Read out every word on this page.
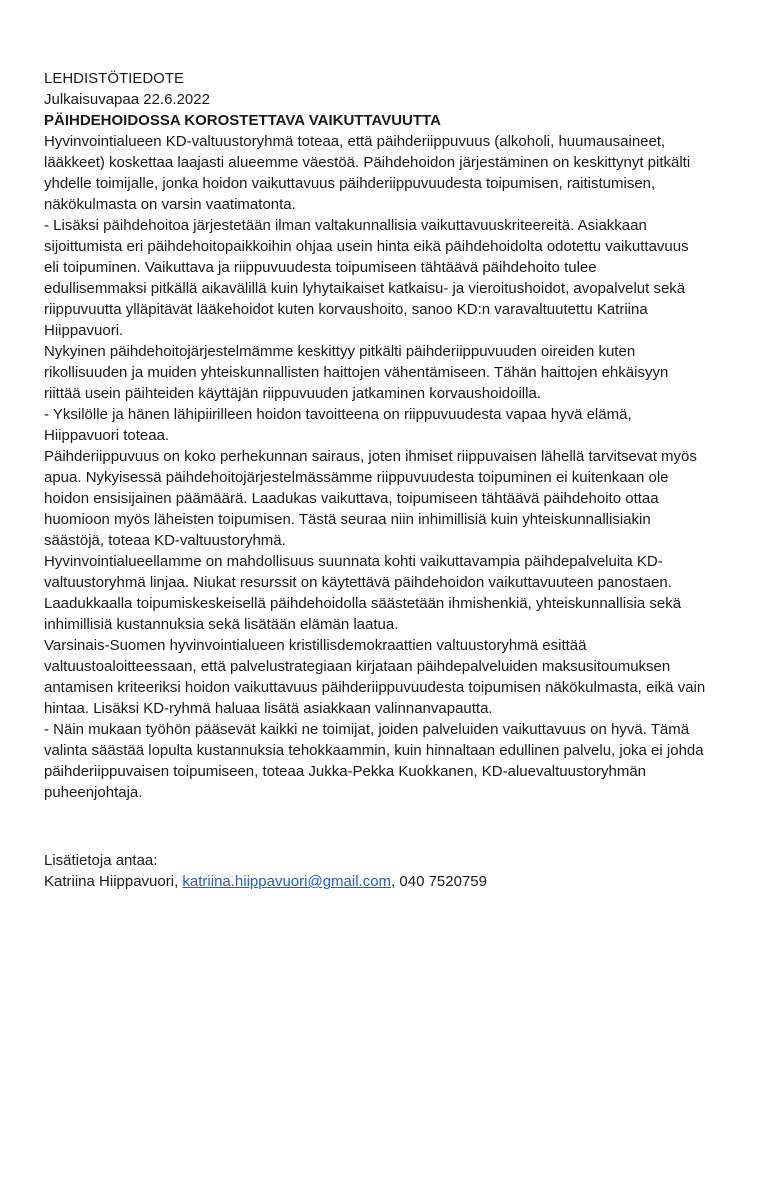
LEHDISTÖTIEDOTE

Julkaisuvapaa 22.6.2022

PÄIHDEHOIDOSSA KOROSTETTAVA VAIKUTTAVUUTTA

Hyvinvointialueen KD-valtuustoryhmä toteaa, että päihderiippuvuus (alkoholi, huumausaineet,
lääkkeet) koskettaa laajasti alueemme väestöä. Päihdehoidon järjestäminen on keskittynyt pitkälti
yhdelle toimijalle, jonka hoidon vaikuttavuus päihderiippuvuudesta toipumisen, raitistumisen,
näkökulmasta on varsin vaatimatonta.

- Lisäksi päihdehoitoa järjestetään ilman valtakunnallisia vaikuttavuuskriteereitä. Asiakkaan
sijoittumista eri päihdehoitopaikkoihin ohjaa usein hinta eikä päihdehoidolta odotettu vaikuttavuus
eli toipuminen. Vaikuttava ja riippuvuudesta toipumiseen tähtäävä päihdehoito tulee
edullisemmaksi pitkällä aikavälillä kuin lyhytaikaiset katkaisu- ja vieroitushoidot, avopalvelut sekä
riippuvuutta ylläpitävät lääkehoidot kuten korvaushoito, sanoo KD:n varavaltuutettu Katriina
Hiippavuori.

Nykyinen päihdehoitojärjestelmämme keskittyy pitkälti päihderiippuvuuden oireiden kuten
rikollisuuden ja muiden yhteiskunnallisten haittojen vähentämiseen. Tähän haittojen ehkäisyyn
riittää usein päihteiden käyttäjän riippuvuuden jatkaminen korvaushoidoilla.

- Yksilölle ja hänen lähipiirilleen hoidon tavoitteena on riippuvuudesta vapaa hyvä elämä,
Hiippavuori toteaa.

Päihderiippuvuus on koko perhekunnan sairaus, joten ihmiset riippuvaisen lähellä tarvitsevat myös
apua. Nykyisessä päihdehoitojärjestelmässämme riippuvuudesta toipuminen ei kuitenkaan ole
hoidon ensisijainen päämäärä. Laadukas vaikuttava, toipumiseen tähtäävä päihdehoito ottaa
huomioon myös läheisten toipumisen. Tästä seuraa niin inhimillisiä kuin yhteiskunnallisiakin
säästöjä, toteaa KD-valtuustoryhmä.

Hyvinvointialueellamme on mahdollisuus suunnata kohti vaikuttavampia päihdepalveluita KD-
valtuustoryhmä linjaa. Niukat resurssit on käytettävä päihdehoidon vaikuttavuuteen panostaen.
Laadukkaalla toipumiskeskeisellä päihdehoidolla säästetään ihmishenkiä, yhteiskunnallisia sekä
inhimillisiä kustannuksia sekä lisätään elämän laatua.

Varsinais-Suomen hyvinvointialueen kristillisdemokraattien valtuustoryhmä esittää
valtuustoaloitteessaan, että palvelustrategiaan kirjataan päihdepalveluiden maksusitoumuksen
antamisen kriteeriksi hoidon vaikuttavuus päihderiippuvuudesta toipumisen näkökulmasta, eikä vain
hintaa. Lisäksi KD-ryhmä haluaa lisätä asiakkaan valinnanvapautta.

- Näin mukaan työhön pääsevät kaikki ne toimijat, joiden palveluiden vaikuttavuus on hyvä. Tämä
valinta säästää lopulta kustannuksia tehokkaammin, kuin hinnaltaan edullinen palvelu, joka ei johda
päihderiippuvaisen toipumiseen, toteaa Jukka-Pekka Kuokkanen, KD-aluevaltuustoryhmän
puheenjohtaja.

Lisätietoja antaa:

Katriina Hiippavuori, katriina.hiippavuori@gmail.com, 040 7520759
